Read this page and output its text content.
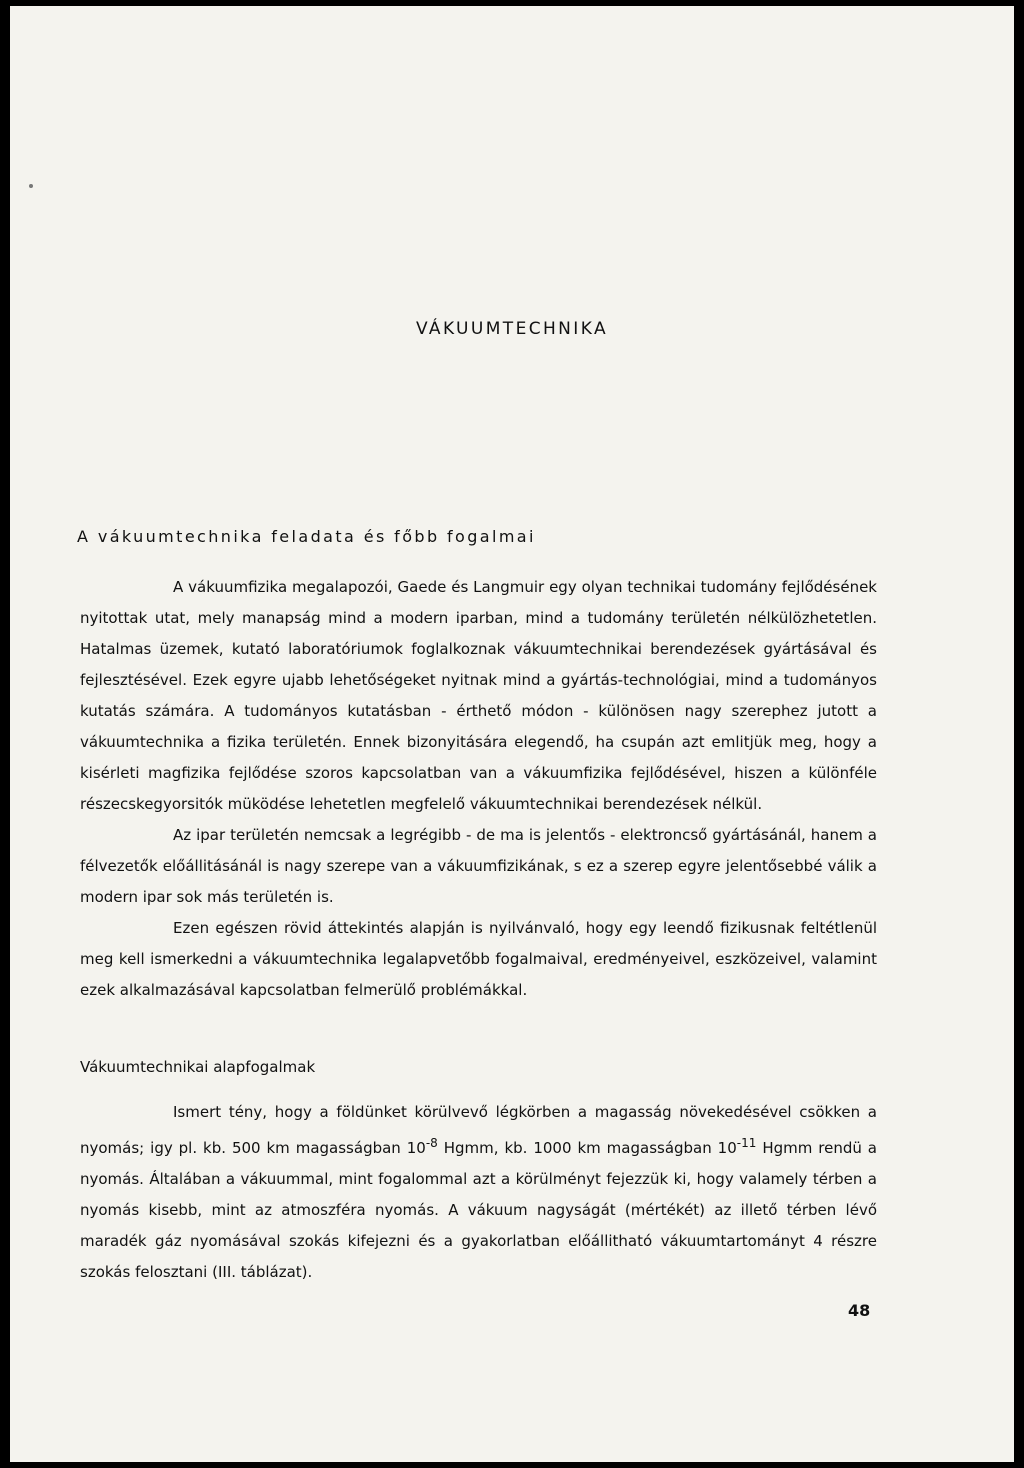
VÁKUUMTECHNIKA
A vákuumtechnika feladata és főbb fogalmai

A vákuumfizika megalapozói, Gaede és Langmuir egy olyan technikai tudomány fejlődésének nyitottak utat, mely manapság mind a modern iparban, mind a tudomány területén nélkülözhetetlen. Hatalmas üzemek, kutató laboratóriumok foglalkoznak vákuumtechnikai berendezések gyártásával és fejlesztésével. Ezek egyre ujabb lehetőségeket nyitnak mind a gyártás-technológiai, mind a tudományos kutatás számára. A tudományos kutatásban - érthető módon - különösen nagy szerephez jutott a vákuumtechnika a fizika területén. Ennek bizonyitására elegendő, ha csupán azt emlitjük meg, hogy a kisérleti magfizika fejlődése szoros kapcsolatban van a vákuumfizika fejlődésével, hiszen a különféle részecskegyorsitók müködése lehetetlen megfelelő vákuumtechnikai berendezések nélkül.

Az ipar területén nemcsak a legrégibb - de ma is jelentős - elektroncső gyártásánál, hanem a félvezetők előállitásánál is nagy szerepe van a vákuumfizikának, s ez a szerep egyre jelentősebbé válik a modern ipar sok más területén is.

Ezen egészen rövid áttekintés alapján is nyilvánvaló, hogy egy leendő fizikusnak feltétlenül meg kell ismerkedni a vákuumtechnika legalapvetőbb fogalmaival, eredményeivel, eszközeivel, valamint ezek alkalmazásával kapcsolatban felmerülő problémákkal.

Vákuumtechnikai alapfogalmak

Ismert tény, hogy a földünket körülvevő légkörben a magasság növekedésével csökken a nyomás; igy pl. kb. 500 km magasságban $10^{-8}$ Hgmm, kb. 1000 km magasságban $10^{-11}$ Hgmm rendü a nyomás. Általában a vákuummal, mint fogalommal azt a körülményt fejezzük ki, hogy valamely térben a nyomás kisebb, mint az atmoszféra nyomás. A vákuum nagyságát (mértékét) az illető térben lévő maradék gáz nyomásával szokás kifejezni és a gyakorlatban előállitható vákuumtartományt 4 részre szokás felosztani (III. táblázat).

48
